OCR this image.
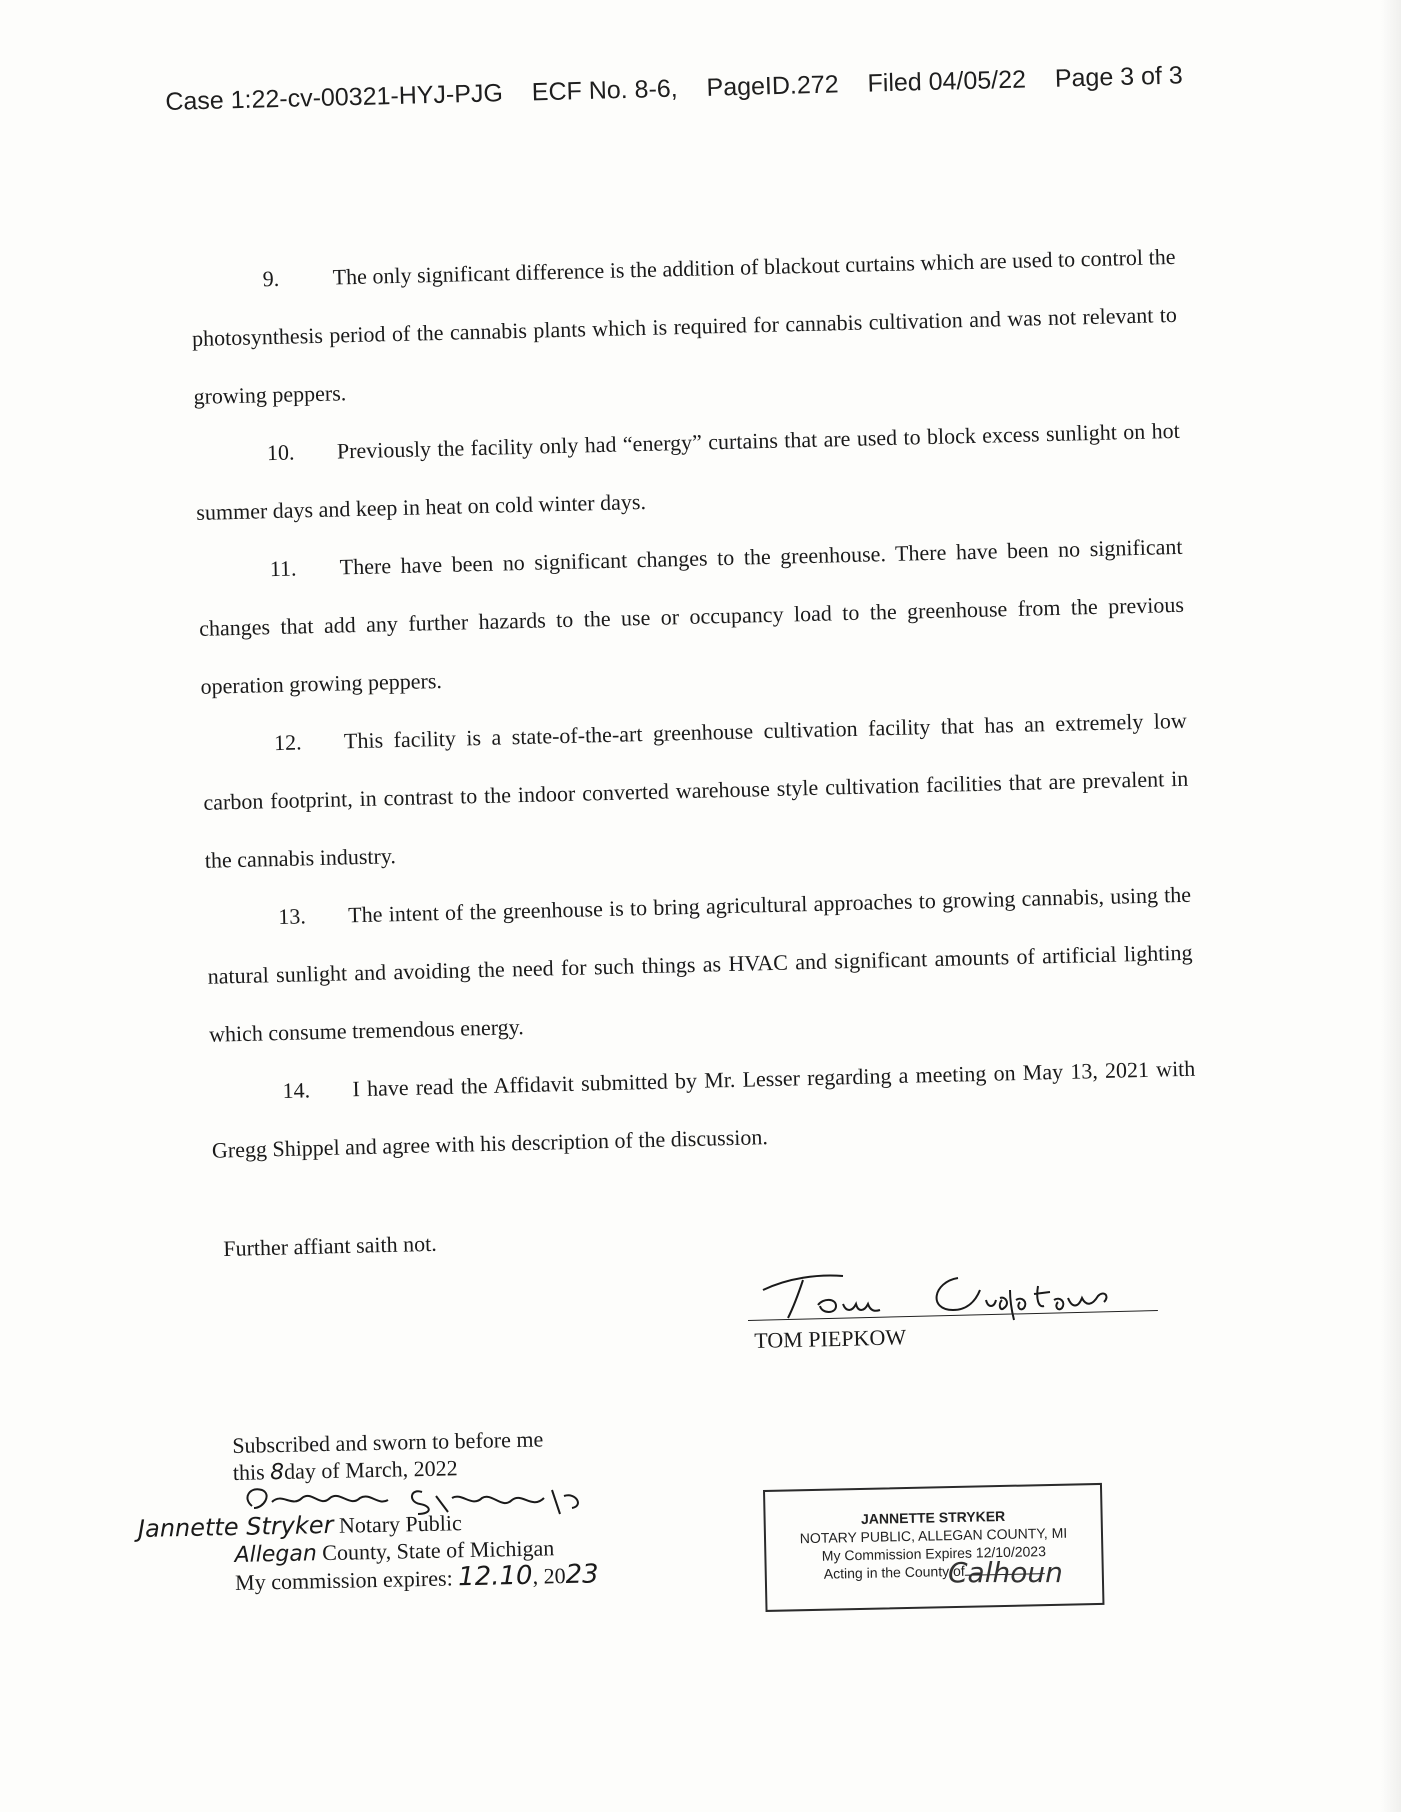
Case 1:22-cv-00321-HYJ-PJG ECF No. 8-6, PageID.272 Filed 04/05/22 Page 3 of 3

9. The only significant difference is the addition of blackout curtains which are used to control the photosynthesis period of the cannabis plants which is required for cannabis cultivation and was not relevant to growing peppers.

10. Previously the facility only had “energy” curtains that are used to block excess sunlight on hot summer days and keep in heat on cold winter days.

11. There have been no significant changes to the greenhouse. There have been no significant changes that add any further hazards to the use or occupancy load to the greenhouse from the previous operation growing peppers.

12. This facility is a state-of-the-art greenhouse cultivation facility that has an extremely low carbon footprint, in contrast to the indoor converted warehouse style cultivation facilities that are prevalent in the cannabis industry.

13. The intent of the greenhouse is to bring agricultural approaches to growing cannabis, using the natural sunlight and avoiding the need for such things as HVAC and significant amounts of artificial lighting which consume tremendous energy.

14. I have read the Affidavit submitted by Mr. Lesser regarding a meeting on May 13, 2021 with Gregg Shippel and agree with his description of the discussion.

Further affiant saith not.
TOM PIEPKOW
Subscribed and sworn to before me
this 8day of March, 2022
Jannette Stryker Notary Public
Allegan County, State of Michigan
My commission expires: 12.10, 2023
JANNETTE STRYKER
NOTARY PUBLIC, ALLEGAN COUNTY, MI
My Commission Expires 12/10/2023
Acting in the County of
Calhoun
